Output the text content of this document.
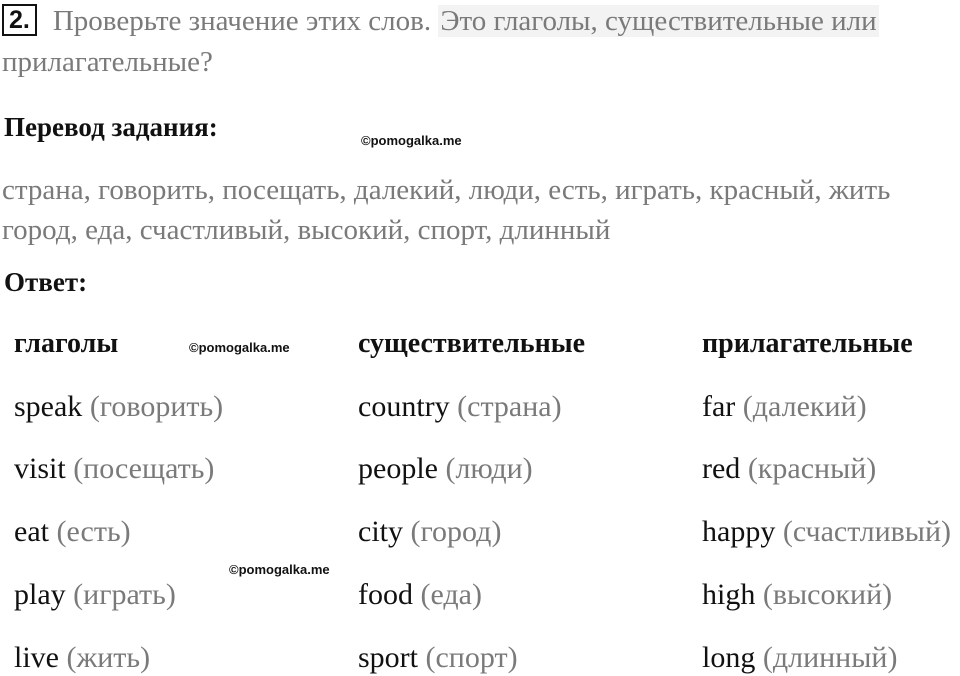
2. Проверьте значение этих слов. Это глаголы, существительные или
прилагательные?
Перевод задания:	©pomogalka.me
страна, говорить, посещать, далекий, люди, есть, играть, красный, жить
город, еда, счастливый, высокий, спорт, длинный
Ответ:
глаголы	©pomogalka.me
speak (говорить)
visit (посещать)
eat (есть)
©pomogalka.me
play (играть)
live (жить)
существительные
country (страна)
people (люди)
city (город)
food (еда)
sport (спорт)
прилагательные
far (далекий)
red (красный)
happy (счастливый)
high (высокий)
long (длинный)
